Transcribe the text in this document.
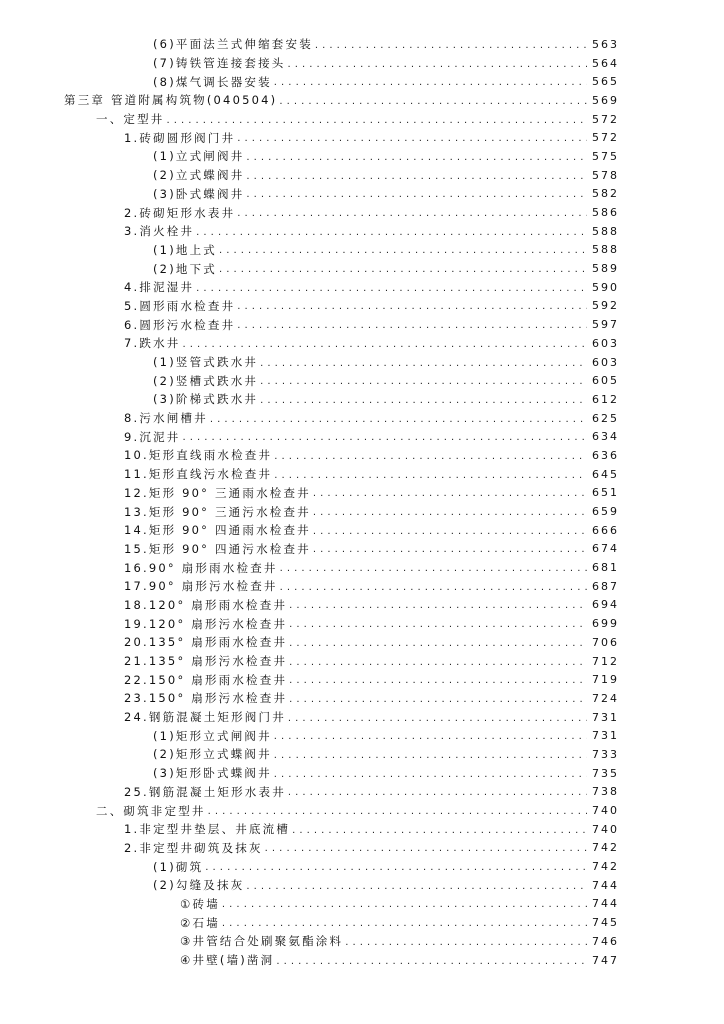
(6)平面法兰式伸缩套安装 . . .	563
(7)铸铁管连接套接头 . . .	564
(8)煤气调长器安装 . . .	565
第三章 管道附属构筑物(040504) . . .	569
一、定型井 . . .	572
1.砖砌圆形阀门井 . . .	572
(1)立式闸阀井 . . .	575
(2)立式蝶阀井 . . .	578
(3)卧式蝶阀井 . . .	582
2.砖砌矩形水表井 . . .	586
3.消火栓井 . . .	588
(1)地上式 . . .	588
(2)地下式 . . .	589
4.排泥湿井 . . .	590
5.圆形雨水检查井 . . .	592
6.圆形污水检查井 . . .	597
7.跌水井 . . .	603
(1)竖管式跌水井 . . .	603
(2)竖槽式跌水井 . . .	605
(3)阶梯式跌水井 . . .	612
8.污水闸槽井 . . .	625
9.沉泥井 . . .	634
10.矩形直线雨水检查井 . . .	636
11.矩形直线污水检查井 . . .	645
12.矩形 90° 三通雨水检查井 . . .	651
13.矩形 90° 三通污水检查井 . . .	659
14.矩形 90° 四通雨水检查井 . . .	666
15.矩形 90° 四通污水检查井 . . .	674
16.90° 扇形雨水检查井 . . .	681
17.90° 扇形污水检查井 . . .	687
18.120° 扇形雨水检查井 . . .	694
19.120° 扇形污水检查井 . . .	699
20.135° 扇形雨水检查井 . . .	706
21.135° 扇形污水检查井 . . .	712
22.150° 扇形雨水检查井 . . .	719
23.150° 扇形污水检查井 . . .	724
24.钢筋混凝土矩形阀门井 . . .	731
(1)矩形立式闸阀井 . . .	731
(2)矩形立式蝶阀井 . . .	733
(3)矩形卧式蝶阀井 . . .	735
25.钢筋混凝土矩形水表井 . . .	738
二、砌筑非定型井 . . .	740
1.非定型井垫层、井底流槽 . . .	740
2.非定型井砌筑及抹灰 . . .	742
(1)砌筑 . . .	742
(2)勾缝及抹灰 . . .	744
①砖墙 . . .	744
②石墙 . . .	745
③井管结合处刷聚氨酯涂料 . . .	746
④井壁(墙)凿洞 . . .	747
